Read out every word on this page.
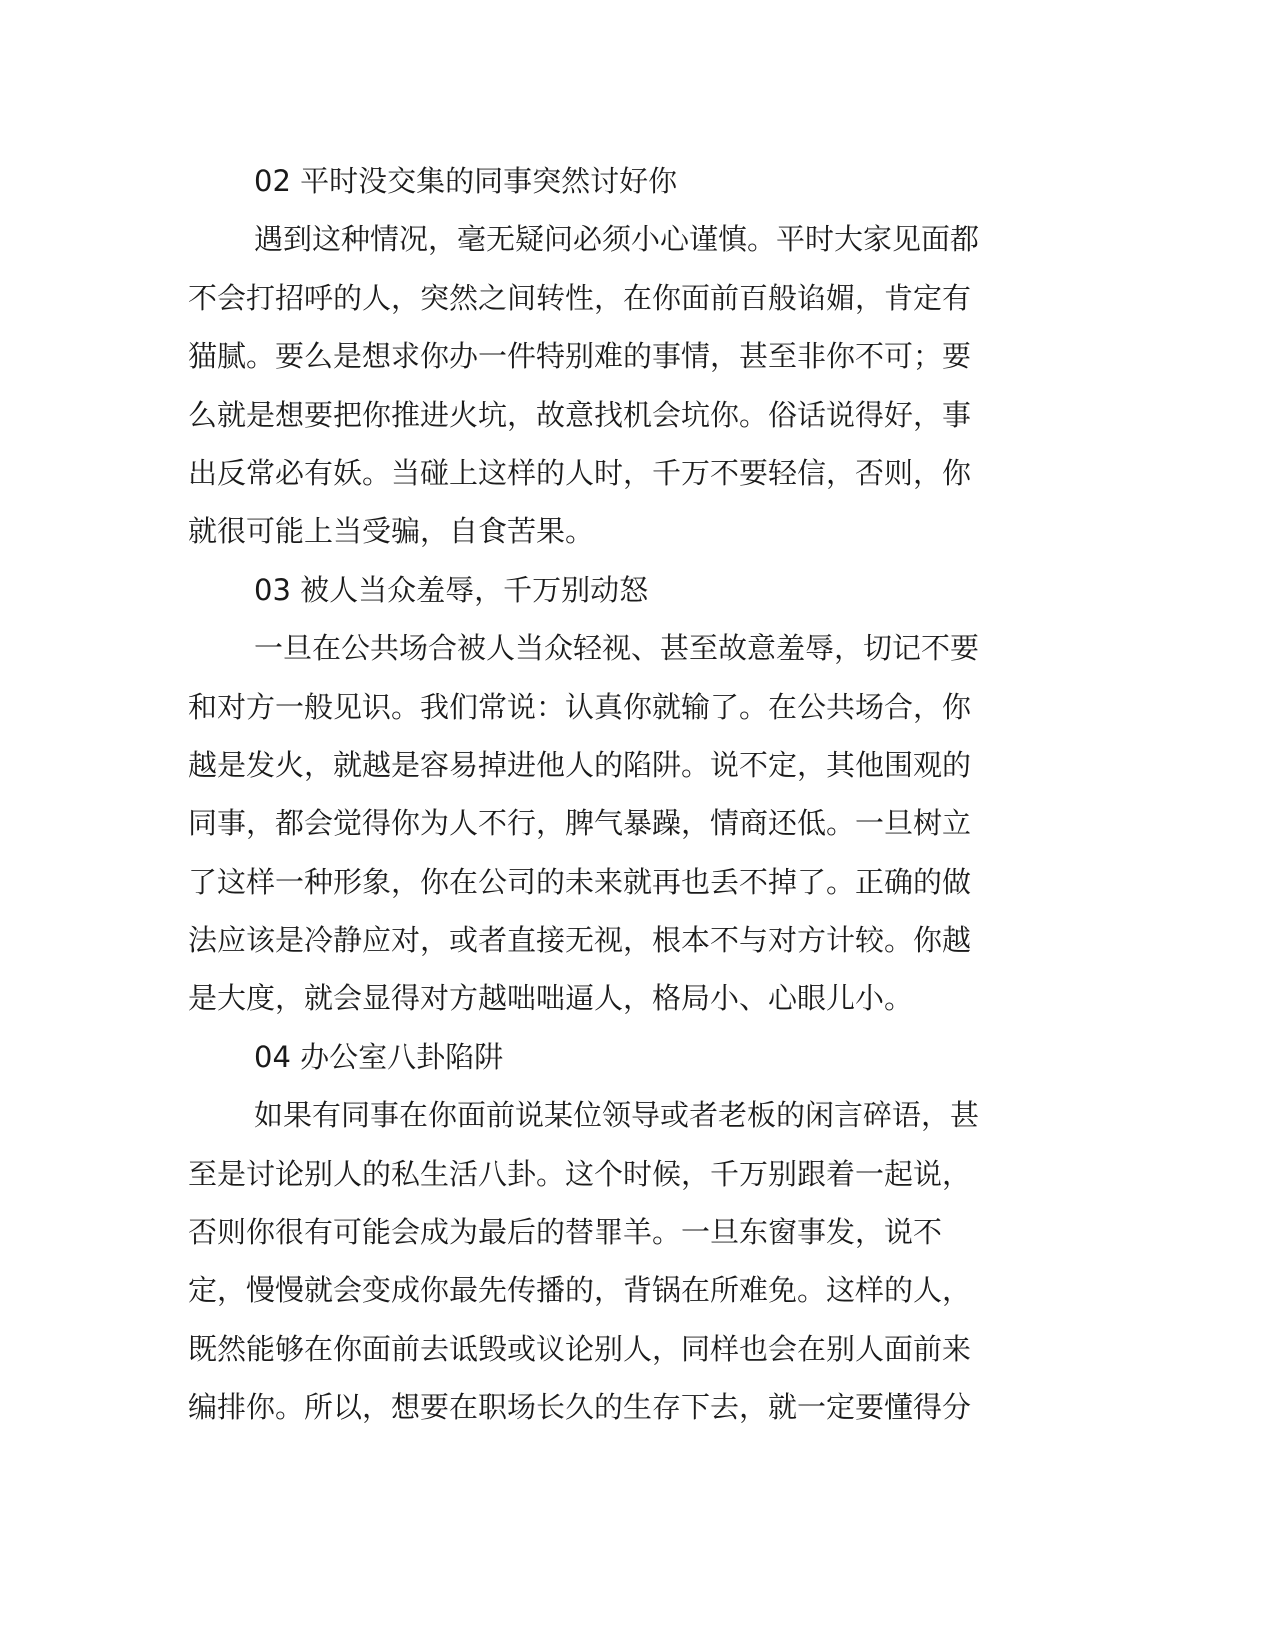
02 平时没交集的同事突然讨好你
遇到这种情况，毫无疑问必须小心谨慎。平时大家见面都
不会打招呼的人，突然之间转性，在你面前百般谄媚，肯定有
猫腻。要么是想求你办一件特别难的事情，甚至非你不可；要
么就是想要把你推进火坑，故意找机会坑你。俗话说得好，事
出反常必有妖。当碰上这样的人时，千万不要轻信，否则，你
就很可能上当受骗，自食苦果。
03 被人当众羞辱，千万别动怒
一旦在公共场合被人当众轻视、甚至故意羞辱，切记不要
和对方一般见识。我们常说：认真你就输了。在公共场合，你
越是发火，就越是容易掉进他人的陷阱。说不定，其他围观的
同事，都会觉得你为人不行，脾气暴躁，情商还低。一旦树立
了这样一种形象，你在公司的未来就再也丢不掉了。正确的做
法应该是冷静应对，或者直接无视，根本不与对方计较。你越
是大度，就会显得对方越咄咄逼人，格局小、心眼儿小。
04 办公室八卦陷阱
如果有同事在你面前说某位领导或者老板的闲言碎语，甚
至是讨论别人的私生活八卦。这个时候，千万别跟着一起说，
否则你很有可能会成为最后的替罪羊。一旦东窗事发，说不
定，慢慢就会变成你最先传播的，背锅在所难免。这样的人，
既然能够在你面前去诋毁或议论别人，同样也会在别人面前来
编排你。所以，想要在职场长久的生存下去，就一定要懂得分
